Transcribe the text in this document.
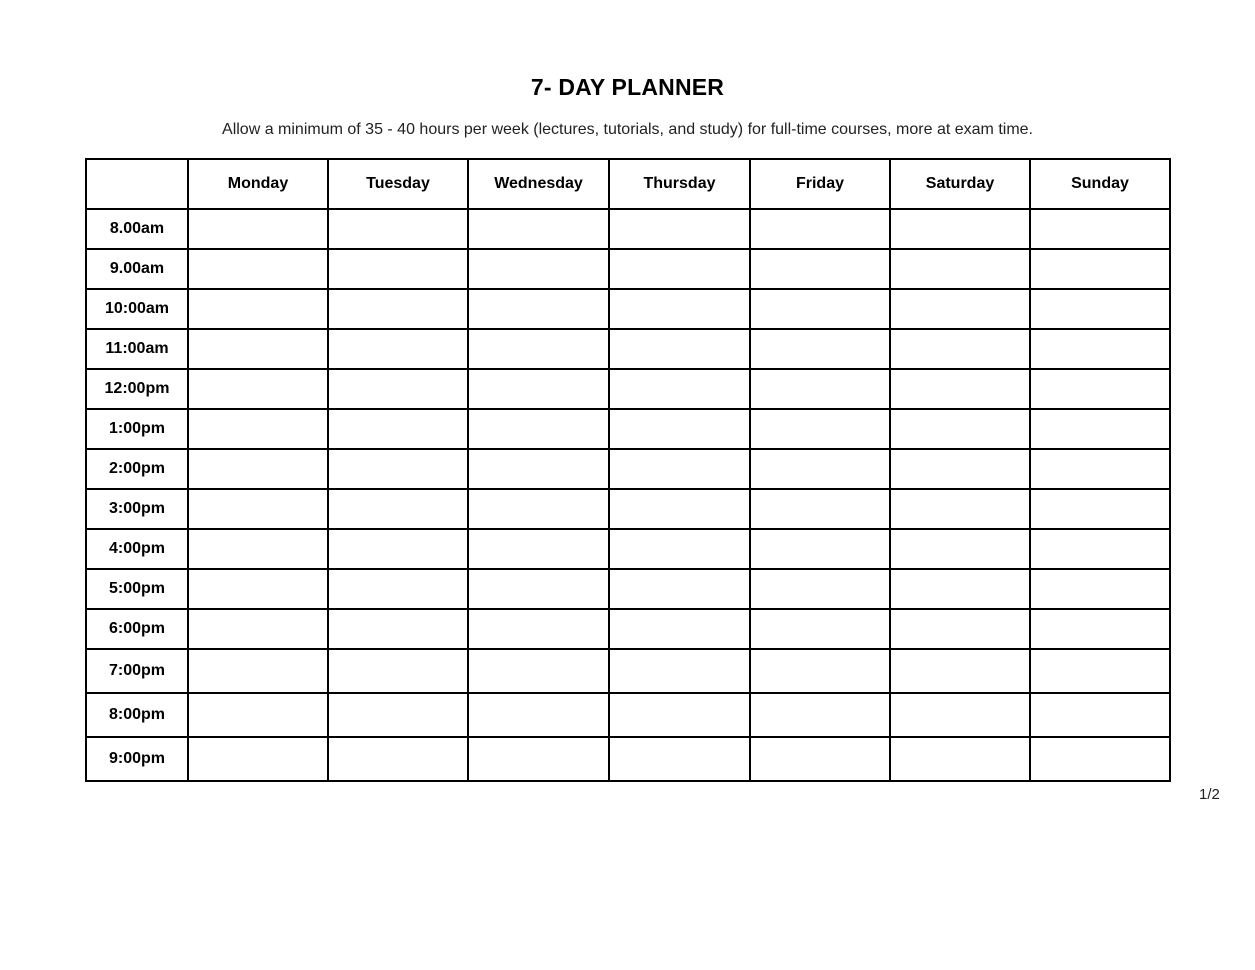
7- DAY PLANNER
Allow a minimum of 35 - 40 hours per week (lectures, tutorials, and study) for full-time courses, more at exam time.
	Monday	Tuesday	Wednesday	Thursday	Friday	Saturday	Sunday
8.00am							
9.00am							
10:00am							
11:00am							
12:00pm							
1:00pm							
2:00pm							
3:00pm							
4:00pm							
5:00pm							
6:00pm							
7:00pm							
8:00pm							
9:00pm							
1/2
